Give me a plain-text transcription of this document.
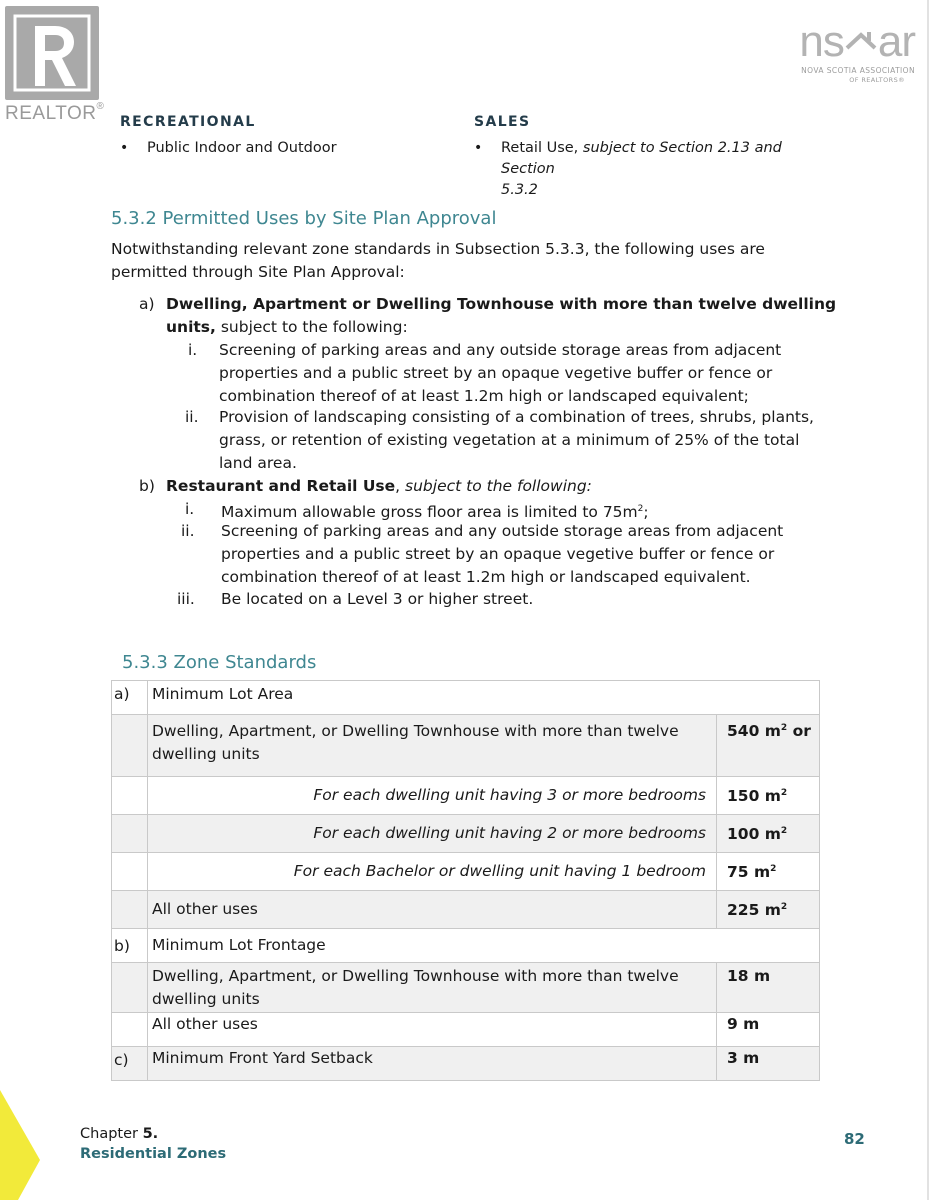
REALTOR®
ns ar
NOVA SCOTIA ASSOCIATION
OF REALTORS®
RECREATIONAL	SALES
• Public Indoor and Outdoor	• Retail Use, subject to Section 2.13 and Section
5.3.2
5.3.2 Permitted Uses by Site Plan Approval
Notwithstanding relevant zone standards in Subsection 5.3.3, the following uses are
permitted through Site Plan Approval:
a) Dwelling, Apartment or Dwelling Townhouse with more than twelve dwelling
units, subject to the following:
i. Screening of parking areas and any outside storage areas from adjacent
properties and a public street by an opaque vegetive buffer or fence or
combination thereof of at least 1.2m high or landscaped equivalent;
ii. Provision of landscaping consisting of a combination of trees, shrubs, plants,
grass, or retention of existing vegetation at a minimum of 25% of the total
land area.
b) Restaurant and Retail Use, subject to the following:
i. Maximum allowable gross floor area is limited to $75m^2$;
ii. Screening of parking areas and any outside storage areas from adjacent
properties and a public street by an opaque vegetive buffer or fence or
combination thereof of at least 1.2m high or landscaped equivalent.
iii. Be located on a Level 3 or higher street.
5.3.3 Zone Standards
a)	Minimum Lot Area	
	Dwelling, Apartment, or Dwelling Townhouse with more than twelve
dwelling units	540 $m^2$ or
	For each dwelling unit having 3 or more bedrooms	150 $m^2$
	For each dwelling unit having 2 or more bedrooms	100 $m^2$
	For each Bachelor or dwelling unit having 1 bedroom	75 $m^2$
	All other uses	225 $m^2$
b)	Minimum Lot Frontage	
	Dwelling, Apartment, or Dwelling Townhouse with more than twelve
dwelling units	18 m
	All other uses	9 m
c)	Minimum Front Yard Setback	3 m
Chapter 5.
Residential Zones
82
